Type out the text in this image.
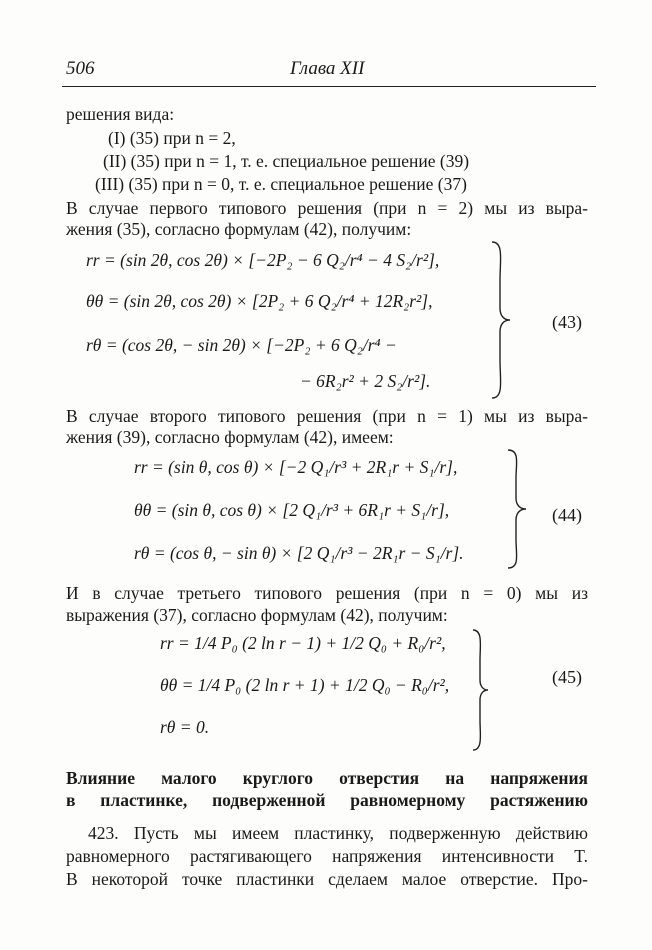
506	Глава XII
решения вида:
(I) (35) при n = 2,
(II) (35) при n = 1, т. е. специальное решение (39)
(III) (35) при n = 0, т. е. специальное решение (37)
В случае первого типового решения (при n = 2) мы из выра-
жения (35), согласно формулам (42), получим:
rr = (sin 2θ, cos 2θ) × [−2P₂ − 6 Q₂/r⁴ − 4 S₂/r²],
θθ = (sin 2θ, cos 2θ) × [2P₂ + 6 Q₂/r⁴ + 12R₂r²],
rθ = (cos 2θ, − sin 2θ) × [−2P₂ + 6 Q₂/r⁴ −
− 6R₂r² + 2 S₂/r²].
(43)
В случае второго типового решения (при n = 1) мы из выра-
жения (39), согласно формулам (42), имеем:
rr = (sin θ, cos θ) × [−2 Q₁/r³ + 2R₁r + S₁/r],
θθ = (sin θ, cos θ) × [2 Q₁/r³ + 6R₁r + S₁/r],
rθ = (cos θ, − sin θ) × [2 Q₁/r³ − 2R₁r − S₁/r].
(44)
И в случае третьего типового решения (при n = 0) мы из
выражения (37), согласно формулам (42), получим:
rr = 1/4 P₀ (2 ln r − 1) + 1/2 Q₀ + R₀/r²,
θθ = 1/4 P₀ (2 ln r + 1) + 1/2 Q₀ − R₀/r²,
rθ = 0.
(45)
Влияние малого круглого отверстия на напряжения
в пластинке, подверженной равномерному растяжению
423. Пусть мы имеем пластинку, подверженную действию
равномерного растягивающего напряжения интенсивности T.
В некоторой точке пластинки сделаем малое отверстие. Про-
